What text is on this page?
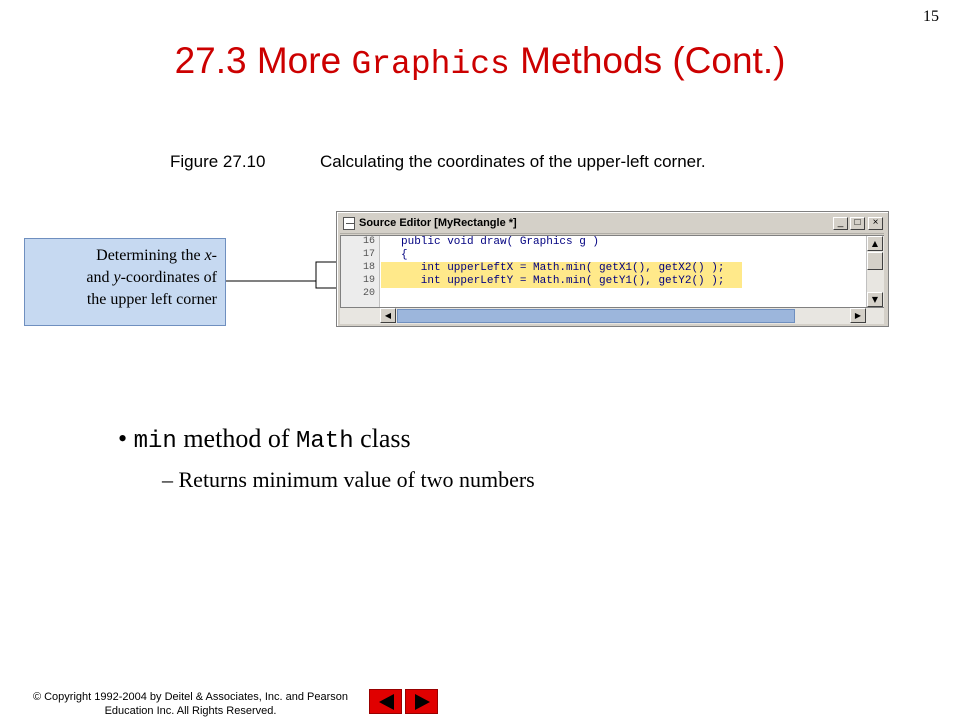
15
27.3 More Graphics Methods (Cont.)
Figure 27.10	Calculating the coordinates of the upper-left corner.
Determining the x-
and y-coordinates of
the upper left corner
Source Editor [MyRectangle *]	_	□	×
16
17
18
19
20
public void draw( Graphics g )
{
int upperLeftX = Math.min( getX1(), getX2() );
int upperLeftY = Math.min( getY1(), getY2() );
▲
▼
◀	▶
• min method of Math class
– Returns minimum value of two numbers
© Copyright 1992-2004 by Deitel & Associates, Inc. and Pearson
Education Inc. All Rights Reserved.
